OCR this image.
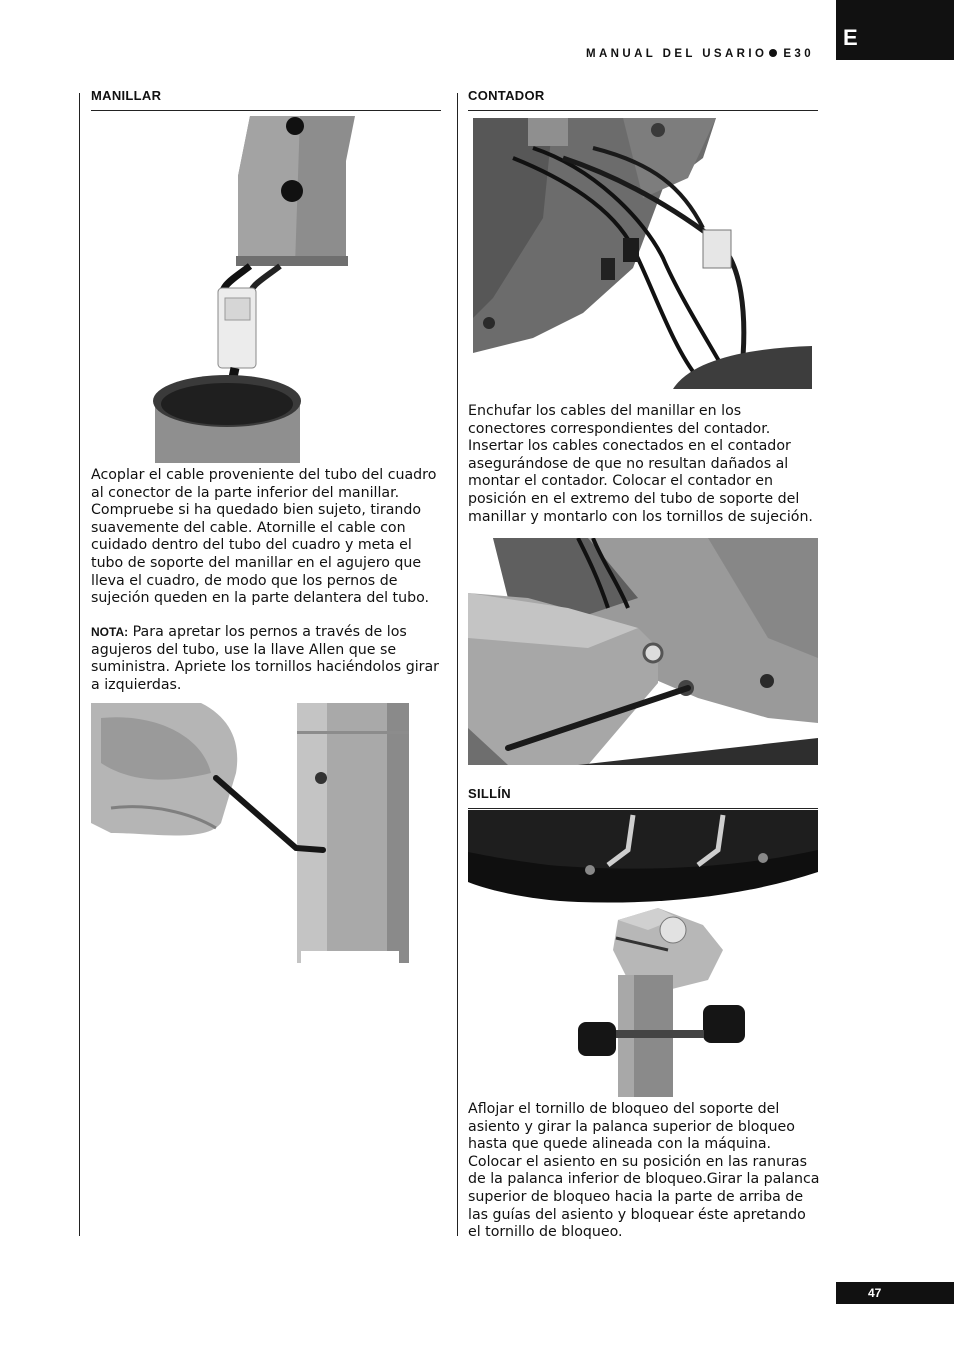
E
MANUAL DEL USARIO E30
MANILLAR
Acoplar el cable proveniente del tubo del cuadro al conector de la parte inferior del manillar. Compruebe si ha quedado bien sujeto, tirando suavemente del cable. Atornille el cable con cuidado dentro del tubo del cuadro y meta el tubo de soporte del manillar en el agujero que lleva el cuadro, de modo que los pernos de sujeción queden en la parte delantera del tubo.
NOTA: Para apretar los pernos a través de los agujeros del tubo, use la llave Allen que se suministra. Apriete los tornillos haciéndolos girar a izquierdas.
CONTADOR
Enchufar los cables del manillar en los conectores correspondientes del contador. Insertar los cables conectados en el contador asegurándose de que no resultan dañados al montar el contador. Colocar el contador en posición en el extremo del tubo de soporte del manillar y montarlo con los tornillos de sujeción.
SILLÍN
Aflojar el tornillo de bloqueo del soporte del asiento y girar la palanca superior de bloqueo hasta que quede alineada con la máquina. Colocar el asiento en su posición en las ranuras de la palanca inferior de bloqueo.Girar la palanca superior de bloqueo hacia la parte de arriba de las guías del asiento y bloquear éste apretando el tornillo de bloqueo.
47
